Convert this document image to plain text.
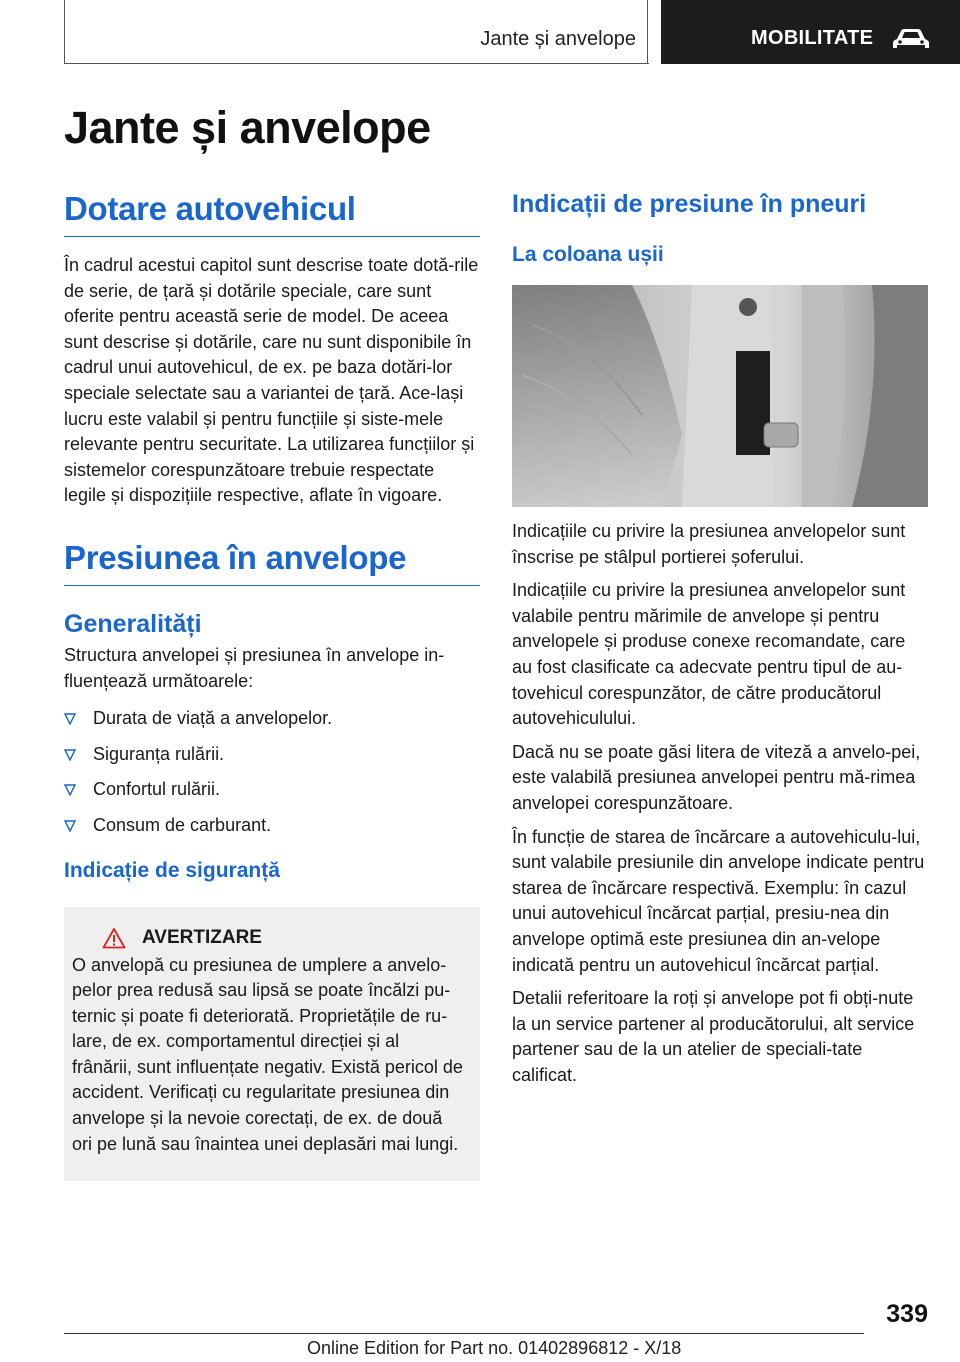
Jante și anvelope	MOBILITATE
Jante și anvelope
Dotare autovehicul
În cadrul acestui capitol sunt descrise toate dotă-rile de serie, de țară și dotările speciale, care sunt oferite pentru această serie de model. De aceea sunt descrise și dotările, care nu sunt disponibile în cadrul unui autovehicul, de ex. pe baza dotări-lor speciale selectate sau a variantei de țară. Ace-lași lucru este valabil și pentru funcțiile și siste-mele relevante pentru securitate. La utilizarea funcțiilor și sistemelor corespunzătoare trebuie respectate legile și dispozițiile respective, aflate în vigoare.
Presiunea în anvelope
Generalități
Structura anvelopei și presiunea în anvelope in-fluențează următoarele:
Durata de viață a anvelopelor.
Siguranța rulării.
Confortul rulării.
Consum de carburant.
Indicație de siguranță
AVERTIZARE
O anvelopă cu presiunea de umplere a anvelo-pelor prea redusă sau lipsă se poate încălzi pu-ternic și poate fi deteriorată. Proprietățile de ru-lare, de ex. comportamentul direcției și al frânării, sunt influențate negativ. Există pericol de accident. Verificați cu regularitate presiunea din anvelope și la nevoie corectați, de ex. de două ori pe lună sau înaintea unei deplasări mai lungi.
Indicații de presiune în pneuri
La coloana ușii
Indicațiile cu privire la presiunea anvelopelor sunt înscrise pe stâlpul portierei șoferului.
Indicațiile cu privire la presiunea anvelopelor sunt valabile pentru mărimile de anvelope și pentru anvelopele și produse conexe recomandate, care au fost clasificate ca adecvate pentru tipul de au-tovehicul corespunzător, de către producătorul autovehiculului.
Dacă nu se poate găsi litera de viteză a anvelo-pei, este valabilă presiunea anvelopei pentru mă-rimea anvelopei corespunzătoare.
În funcție de starea de încărcare a autovehiculu-lui, sunt valabile presiunile din anvelope indicate pentru starea de încărcare respectivă. Exemplu: în cazul unui autovehicul încărcat parțial, presiu-nea din anvelope optimă este presiunea din an-velope indicată pentru un autovehicul încărcat parțial.
Detalii referitoare la roți și anvelope pot fi obți-nute la un service partener al producătorului, alt service partener sau de la un atelier de speciali-tate calificat.
339
Online Edition for Part no. 01402896812 - X/18
